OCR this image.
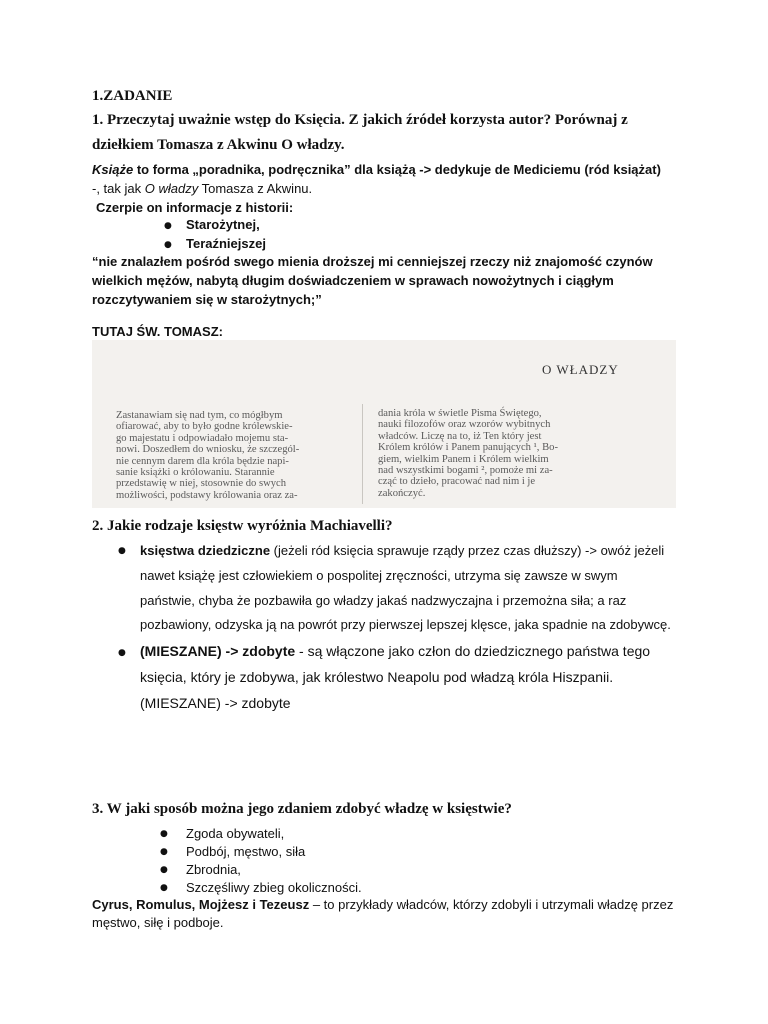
1.ZADANIE
1. Przeczytaj uważnie wstęp do Księcia. Z jakich źródeł korzysta autor? Porównaj z
dziełkiem Tomasza z Akwinu O władzy.
Książe to forma „poradnika, podręcznika” dla książą -> dedykuje de Mediciemu (ród książat)
-, tak jak O władzy Tomasza z Akwinu.
Czerpie on informacje z historii:
● Starożytnej,
● Teraźniejszej
“nie znalazłem pośród swego mienia droższej mi cenniejszej rzeczy niż znajomość czynów
wielkich mężów, nabytą długim doświadczeniem w sprawach nowożytnych i ciągłym
rozczytywaniem się w starożytnych;”
TUTAJ ŚW. TOMASZ:
O WŁADZY
Zastanawiam się nad tym, co mógłbym
ofiarować, aby to było godne królewskie-
go majestatu i odpowiadało mojemu sta-
nowi. Doszedłem do wniosku, że szczegól-
nie cennym darem dla króla będzie napi-
sanie książki o królowaniu. Starannie
przedstawię w niej, stosownie do swych
możliwości, podstawy królowania oraz za-
dania króla w świetle Pisma Świętego,
nauki filozofów oraz wzorów wybitnych
władców. Liczę na to, iż Ten który jest
Królem królów i Panem panujących ¹, Bo-
giem, wielkim Panem i Królem wielkim
nad wszystkimi bogami ², pomoże mi za-
cząć to dzieło, pracować nad nim i je
zakończyć.
2. Jakie rodzaje księstw wyróżnia Machiavelli?
● księstwa dziedziczne (jeżeli ród księcia sprawuje rządy przez czas dłuższy) -> owóż jeżeli
nawet książę jest człowiekiem o pospolitej zręczności, utrzyma się zawsze w swym
państwie, chyba że pozbawiła go władzy jakaś nadzwyczajna i przemożna siła; a raz
pozbawiony, odzyska ją na powrót przy pierwszej lepszej klęsce, jaka spadnie na zdobywcę.
● (MIESZANE) -> zdobyte - są włączone jako człon do dziedzicznego państwa tego
księcia, który je zdobywa, jak królestwo Neapolu pod władzą króla Hiszpanii.
(MIESZANE) -> zdobyte
3. W jaki sposób można jego zdaniem zdobyć władzę w księstwie?
● Zgoda obywateli,
● Podbój, męstwo, siła
● Zbrodnia,
● Szczęśliwy zbieg okoliczności.
Cyrus, Romulus, Mojżesz i Tezeusz – to przykłady władców, którzy zdobyli i utrzymali władzę przez
męstwo, siłę i podboje.
